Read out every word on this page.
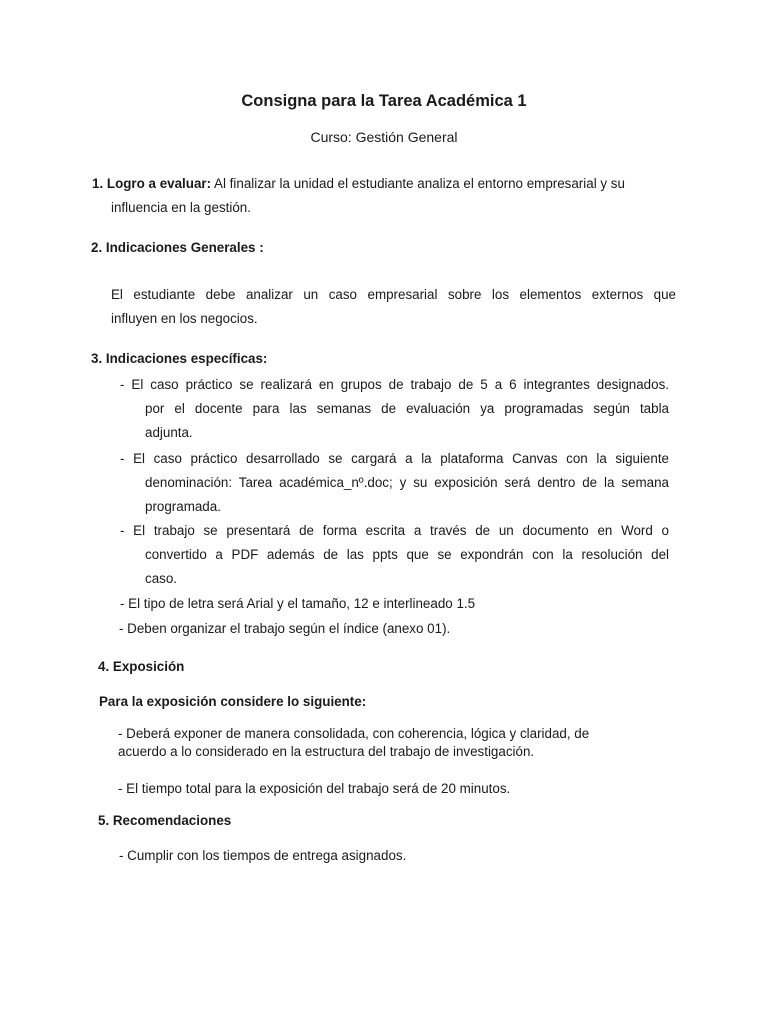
Consigna para la Tarea Académica 1

Curso: Gestión General

1. Logro a evaluar: Al finalizar la unidad el estudiante analiza el entorno empresarial y su

influencia en la gestión.

2. Indicaciones Generales :

El estudiante debe analizar un caso empresarial sobre los elementos externos que

influyen en los negocios.

3. Indicaciones específicas:

- El caso práctico se realizará en grupos de trabajo de 5 a 6 integrantes designados.

por el docente para las semanas de evaluación ya programadas según tabla

adjunta.

- El caso práctico desarrollado se cargará a la plataforma Canvas con la siguiente

denominación: Tarea académica_nº.doc; y su exposición será dentro de la semana

programada.

- El trabajo se presentará de forma escrita a través de un documento en Word o

convertido a PDF además de las ppts que se expondrán con la resolución del

caso.

- El tipo de letra será Arial y el tamaño, 12 e interlineado 1.5

- Deben organizar el trabajo según el índice (anexo 01).

4. Exposición

Para la exposición considere lo siguiente:

- Deberá exponer de manera consolidada, con coherencia, lógica y claridad, de

acuerdo a lo considerado en la estructura del trabajo de investigación.

- El tiempo total para la exposición del trabajo será de 20 minutos.

5. Recomendaciones

- Cumplir con los tiempos de entrega asignados.
